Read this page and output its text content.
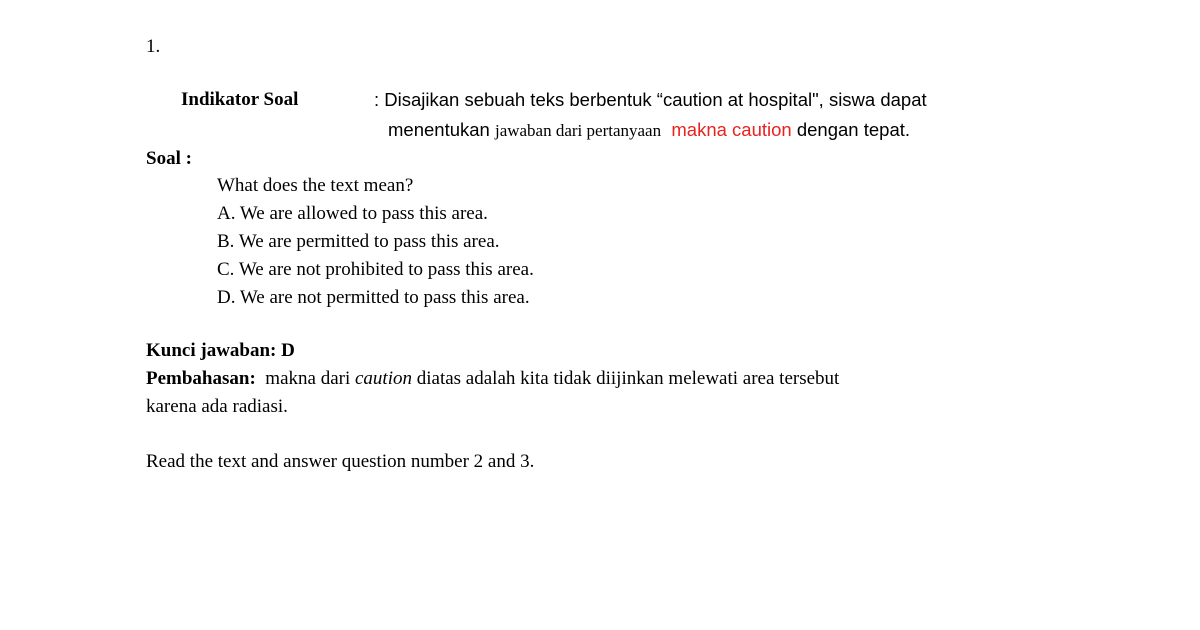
1.
Indikator Soal	: Disajikan sebuah teks berbentuk “caution at hospital", siswa dapat
menentukan jawaban dari pertanyaan makna caution dengan tepat.
Soal :
What does the text mean?
A. We are allowed to pass this area.
B. We are permitted to pass this area.
C. We are not prohibited to pass this area.
D. We are not permitted to pass this area.
Kunci jawaban: D
Pembahasan:  makna dari caution diatas adalah kita tidak diijinkan melewati area tersebut
karena ada radiasi.
Read the text and answer question number 2 and 3.
